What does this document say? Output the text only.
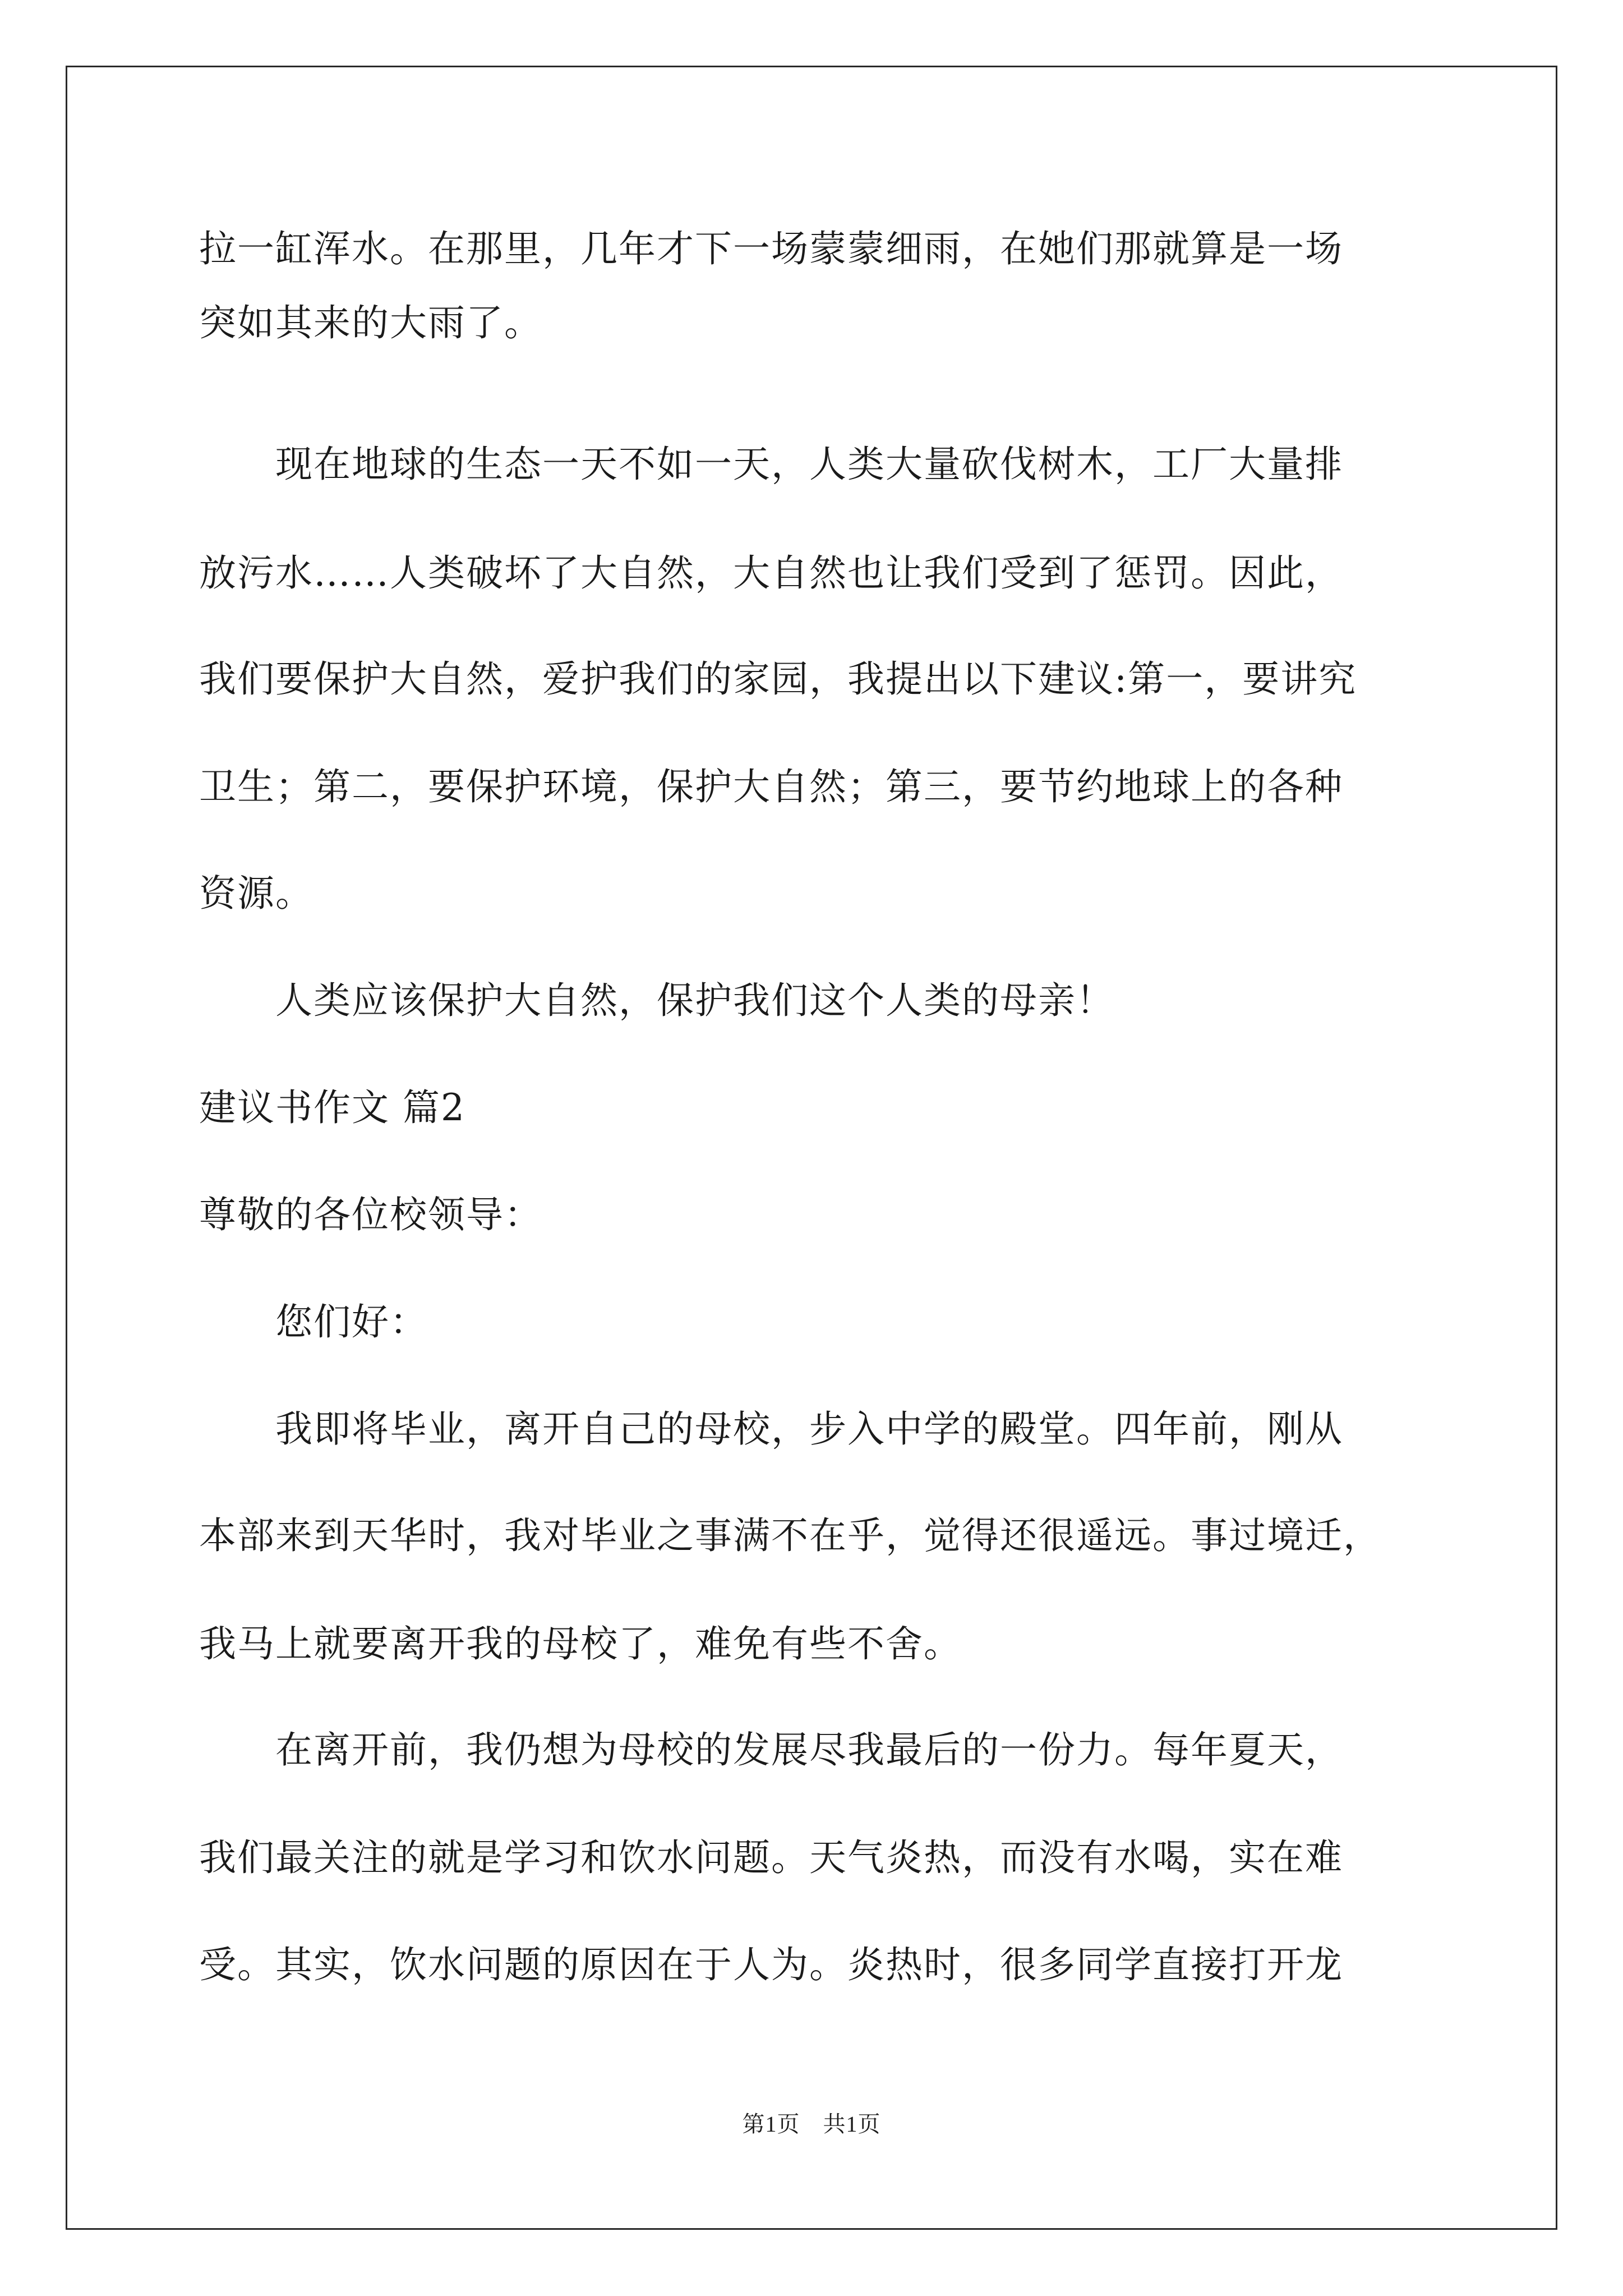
拉一缸浑水。在那里，几年才下一场蒙蒙细雨，在她们那就算是一场
突如其来的大雨了。
　　现在地球的生态一天不如一天，人类大量砍伐树木，工厂大量排
放污水……人类破坏了大自然，大自然也让我们受到了惩罚。因此，
我们要保护大自然，爱护我们的家园，我提出以下建议:第一，要讲究
卫生；第二，要保护环境，保护大自然；第三，要节约地球上的各种
资源。
　　人类应该保护大自然，保护我们这个人类的母亲！
建议书作文 篇2
尊敬的各位校领导：
　　您们好：
　　我即将毕业，离开自己的母校，步入中学的殿堂。四年前，刚从
本部来到天华时，我对毕业之事满不在乎，觉得还很遥远。事过境迁，
我马上就要离开我的母校了，难免有些不舍。
　　在离开前，我仍想为母校的发展尽我最后的一份力。每年夏天，
我们最关注的就是学习和饮水问题。天气炎热，而没有水喝，实在难
受。其实，饮水问题的原因在于人为。炎热时，很多同学直接打开龙
第1页　共1页
